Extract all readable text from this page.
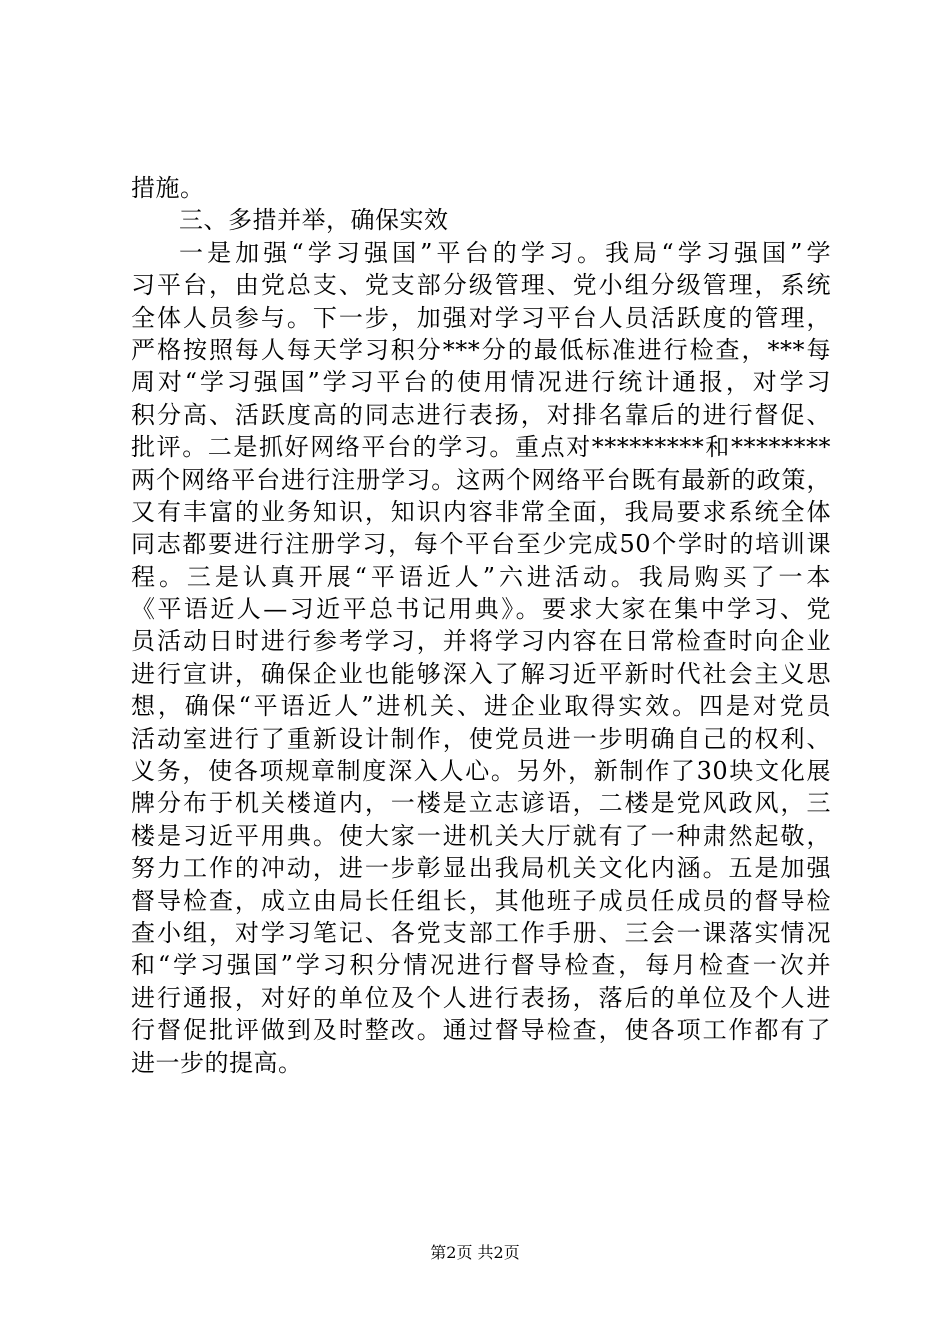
措施。
三、多措并举，确保实效
一是加强“学习强国”平台的学习。我局“学习强国”学
习平台，由党总支、党支部分级管理、党小组分级管理，系统
全体人员参与。下一步，加强对学习平台人员活跃度的管理，
严格按照每人每天学习积分***分的最低标准进行检查，***每
周对“学习强国”学习平台的使用情况进行统计通报，对学习
积分高、活跃度高的同志进行表扬，对排名靠后的进行督促、
批评。二是抓好网络平台的学习。重点对*********和********
两个网络平台进行注册学习。这两个网络平台既有最新的政策，
又有丰富的业务知识，知识内容非常全面，我局要求系统全体
同志都要进行注册学习，每个平台至少完成50个学时的培训课
程。三是认真开展“平语近人”六进活动。我局购买了一本
《平语近人—习近平总书记用典》。要求大家在集中学习、党
员活动日时进行参考学习，并将学习内容在日常检查时向企业
进行宣讲，确保企业也能够深入了解习近平新时代社会主义思
想，确保“平语近人”进机关、进企业取得实效。四是对党员
活动室进行了重新设计制作，使党员进一步明确自己的权利、
义务，使各项规章制度深入人心。另外，新制作了30块文化展
牌分布于机关楼道内，一楼是立志谚语，二楼是党风政风，三
楼是习近平用典。使大家一进机关大厅就有了一种肃然起敬，
努力工作的冲动，进一步彰显出我局机关文化内涵。五是加强
督导检查，成立由局长任组长，其他班子成员任成员的督导检
查小组，对学习笔记、各党支部工作手册、三会一课落实情况
和“学习强国”学习积分情况进行督导检查，每月检查一次并
进行通报，对好的单位及个人进行表扬，落后的单位及个人进
行督促批评做到及时整改。通过督导检查，使各项工作都有了
进一步的提高。
第2页 共2页
